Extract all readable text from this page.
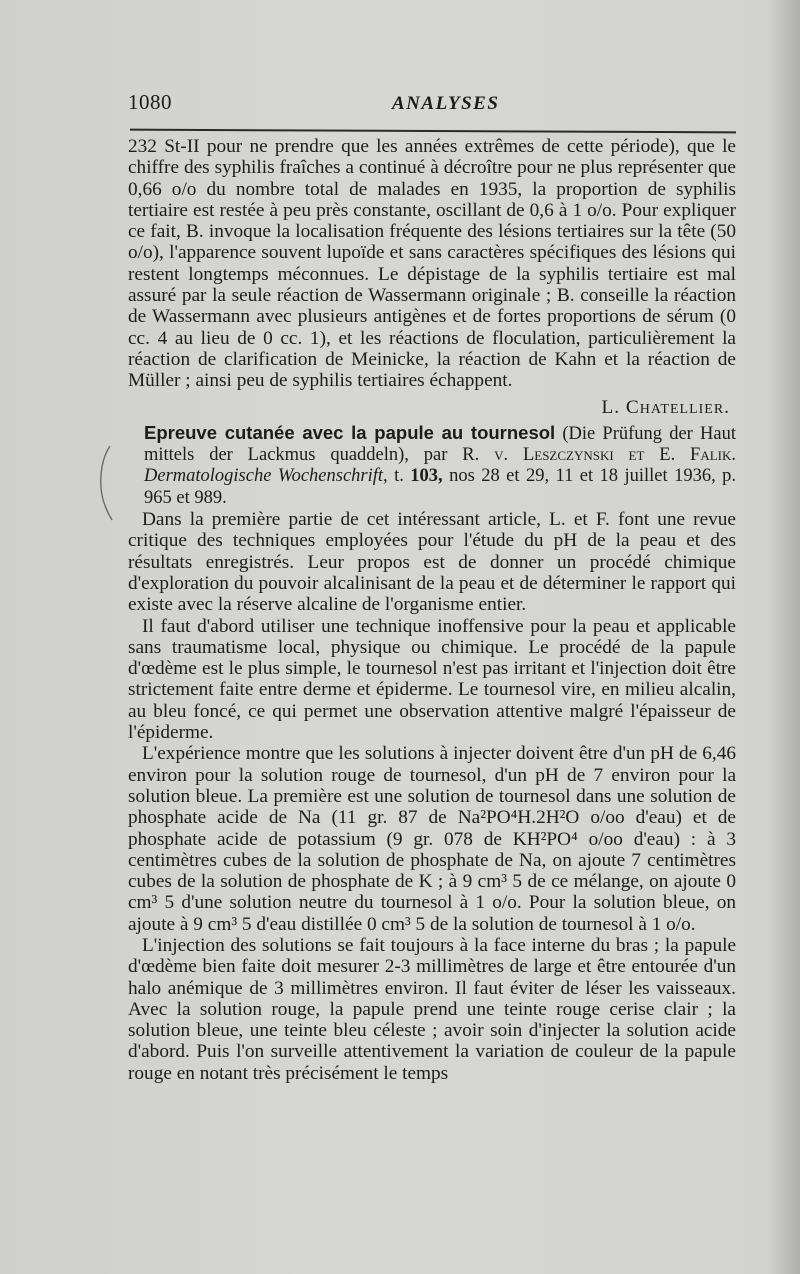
1080	ANALYSES

232 St-II pour ne prendre que les années extrêmes de cette période), que le chiffre des syphilis fraîches a continué à décroître pour ne plus représenter que 0,66 o/o du nombre total de malades en 1935, la proportion de syphilis tertiaire est restée à peu près constante, oscillant de 0,6 à 1 o/o. Pour expliquer ce fait, B. invoque la localisation fréquente des lésions tertiaires sur la tête (50 o/o), l'apparence souvent lupoïde et sans caractères spécifiques des lésions qui restent longtemps méconnues. Le dépistage de la syphilis tertiaire est mal assuré par la seule réaction de Wassermann originale ; B. conseille la réaction de Wassermann avec plusieurs antigènes et de fortes proportions de sérum (0 cc. 4 au lieu de 0 cc. 1), et les réactions de floculation, particulièrement la réaction de clarification de Meinicke, la réaction de Kahn et la réaction de Müller ; ainsi peu de syphilis tertiaires échappent.

L. Chatellier.

Epreuve cutanée avec la papule au tournesol (Die Prüfung der Haut mittels der Lackmus quaddeln), par R. v. Leszczynski et E. Falik. Dermatologische Wochenschrift, t. 103, nos 28 et 29, 11 et 18 juillet 1936, p. 965 et 989.

Dans la première partie de cet intéressant article, L. et F. font une revue critique des techniques employées pour l'étude du pH de la peau et des résultats enregistrés. Leur propos est de donner un procédé chimique d'exploration du pouvoir alcalinisant de la peau et de déterminer le rapport qui existe avec la réserve alcaline de l'organisme entier.

Il faut d'abord utiliser une technique inoffensive pour la peau et applicable sans traumatisme local, physique ou chimique. Le procédé de la papule d'œdème est le plus simple, le tournesol n'est pas irritant et l'injection doit être strictement faite entre derme et épiderme. Le tournesol vire, en milieu alcalin, au bleu foncé, ce qui permet une observation attentive malgré l'épaisseur de l'épiderme.

L'expérience montre que les solutions à injecter doivent être d'un pH de 6,46 environ pour la solution rouge de tournesol, d'un pH de 7 environ pour la solution bleue. La première est une solution de tournesol dans une solution de phosphate acide de Na (11 gr. 87 de Na²PO⁴H.2H²O o/oo d'eau) et de phosphate acide de potassium (9 gr. 078 de KH²PO⁴ o/oo d'eau) : à 3 centimètres cubes de la solution de phosphate de Na, on ajoute 7 centimètres cubes de la solution de phosphate de K ; à 9 cm³ 5 de ce mélange, on ajoute 0 cm³ 5 d'une solution neutre du tournesol à 1 o/o. Pour la solution bleue, on ajoute à 9 cm³ 5 d'eau distillée 0 cm³ 5 de la solution de tournesol à 1 o/o.

L'injection des solutions se fait toujours à la face interne du bras ; la papule d'œdème bien faite doit mesurer 2-3 millimètres de large et être entourée d'un halo anémique de 3 millimètres environ. Il faut éviter de léser les vaisseaux. Avec la solution rouge, la papule prend une teinte rouge cerise clair ; la solution bleue, une teinte bleu céleste ; avoir soin d'injecter la solution acide d'abord. Puis l'on surveille attentivement la variation de couleur de la papule rouge en notant très précisément le temps
